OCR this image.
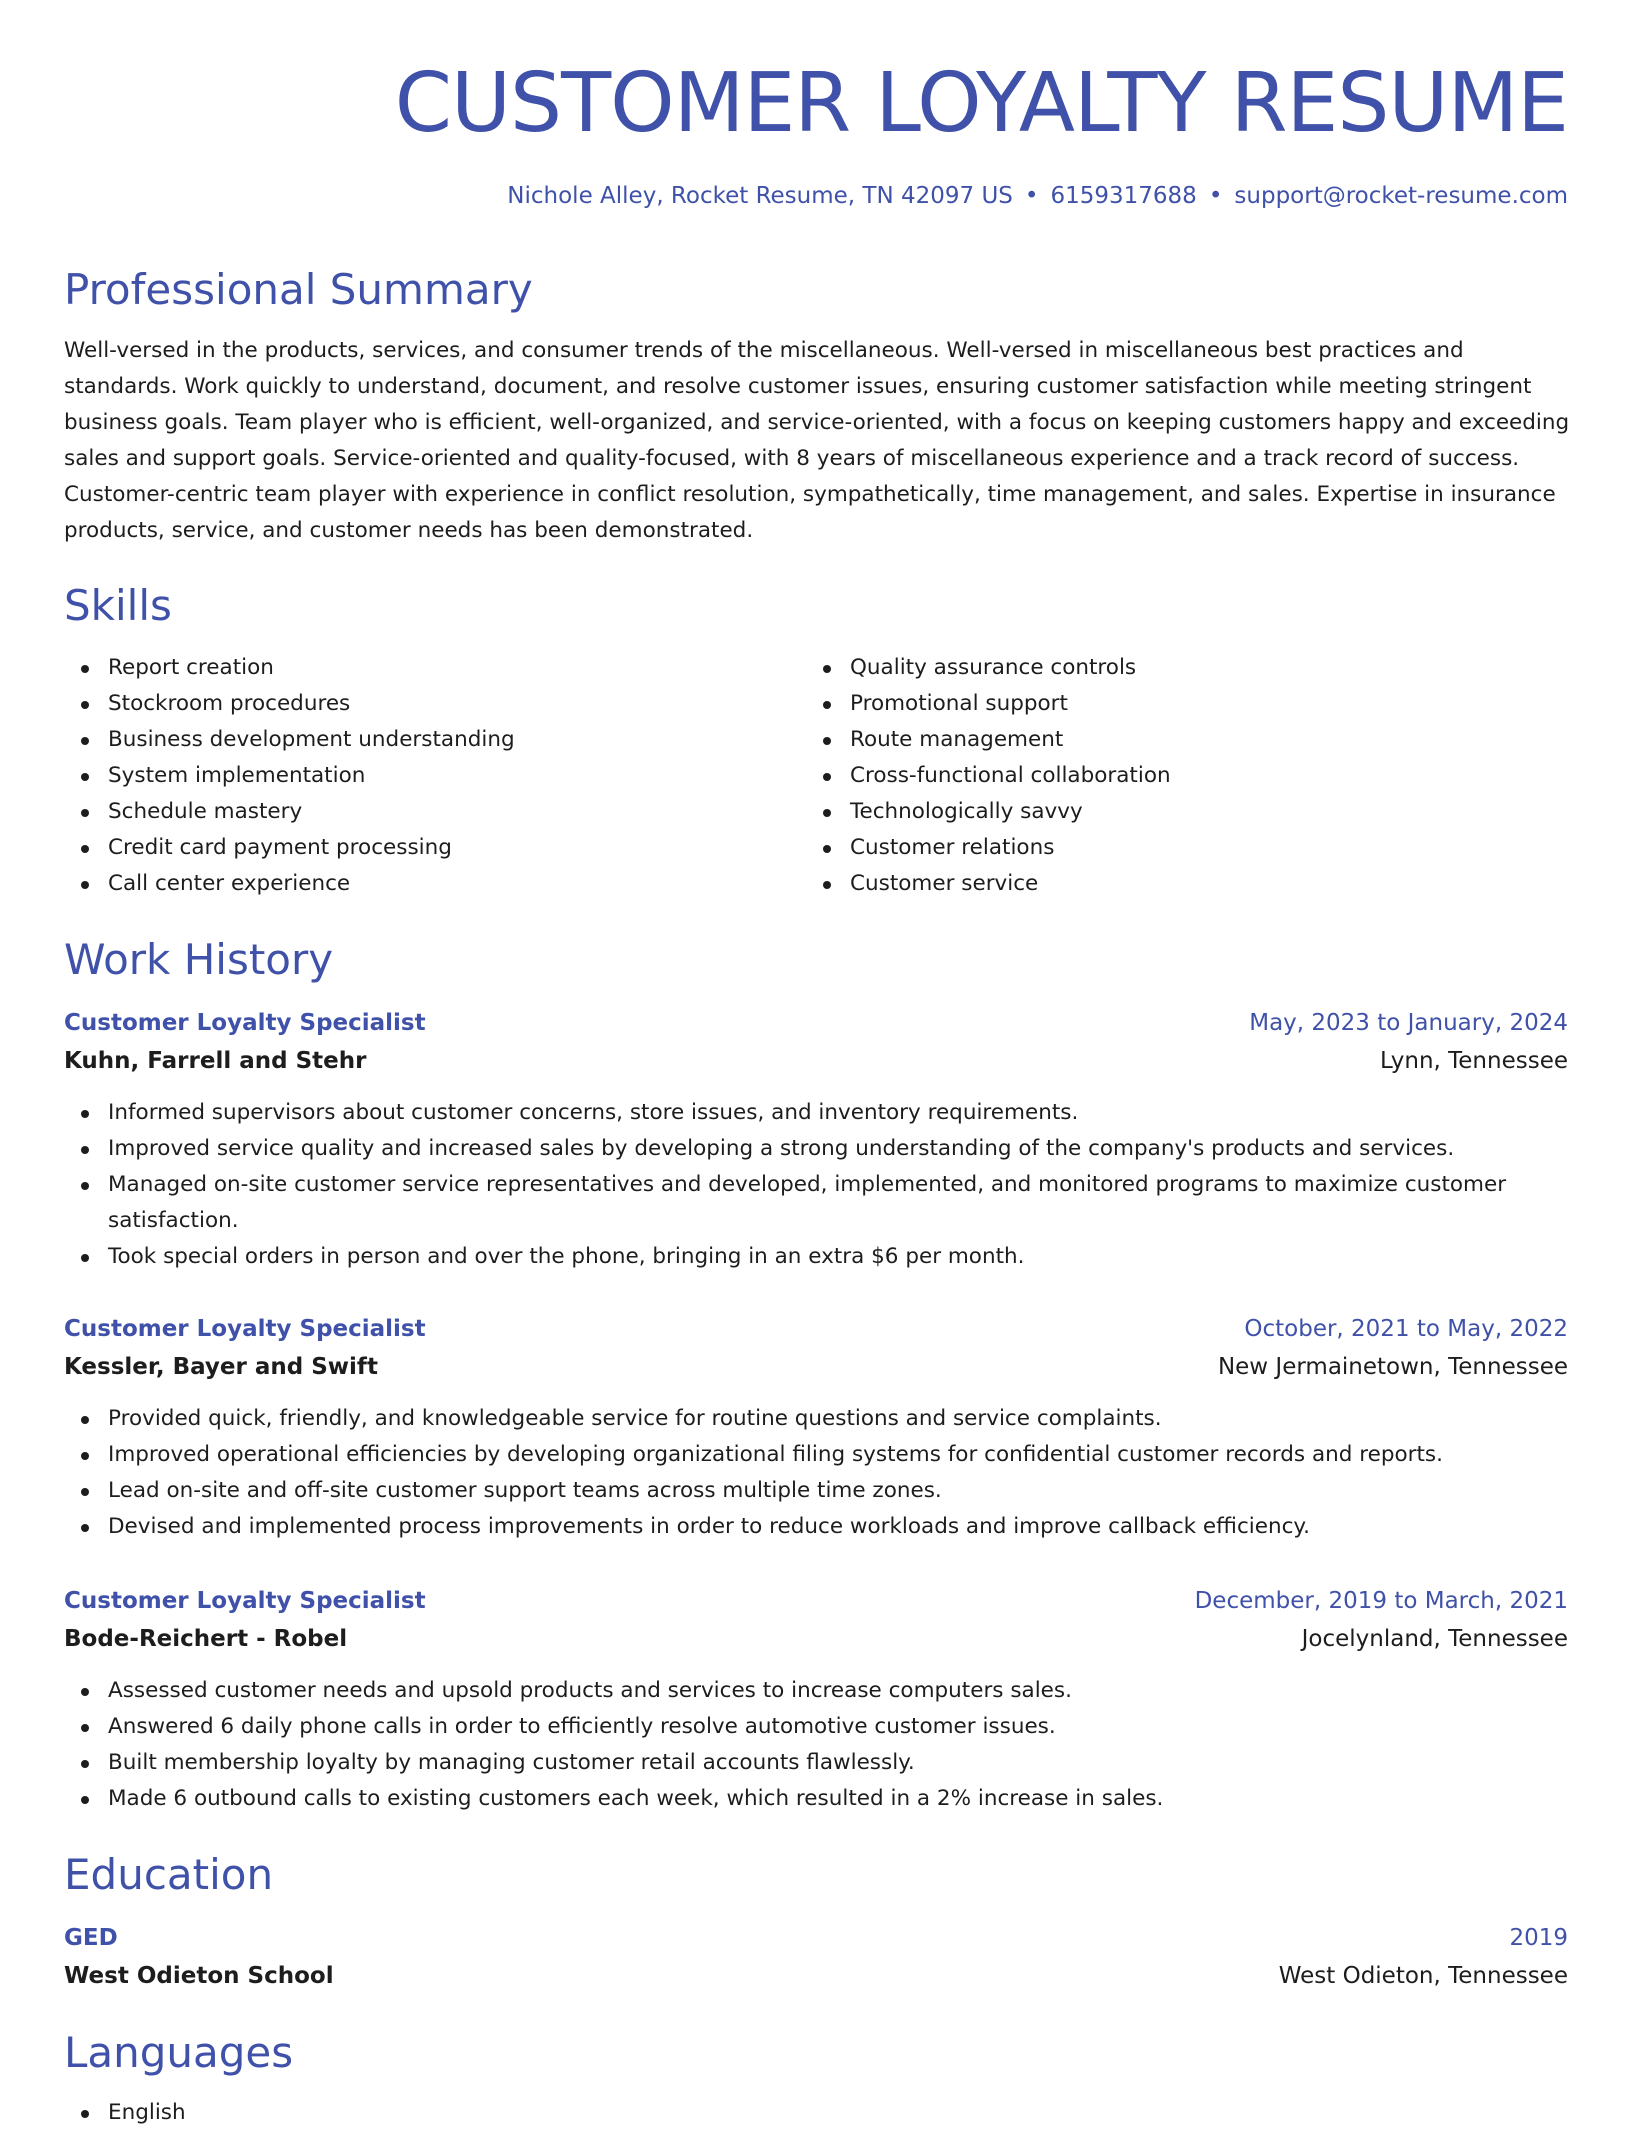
CUSTOMER LOYALTY RESUME

Nichole Alley, Rocket Resume, TN 42097 US • 6159317688 • support@rocket-resume.com

Professional Summary

Well-versed in the products, services, and consumer trends of the miscellaneous. Well-versed in miscellaneous best practices and standards. Work quickly to understand, document, and resolve customer issues, ensuring customer satisfaction while meeting stringent business goals. Team player who is efficient, well-organized, and service-oriented, with a focus on keeping customers happy and exceeding sales and support goals. Service-oriented and quality-focused, with 8 years of miscellaneous experience and a track record of success. Customer-centric team player with experience in conflict resolution, sympathetically, time management, and sales. Expertise in insurance products, service, and customer needs has been demonstrated.

Skills
Report creation
Stockroom procedures
Business development understanding
System implementation
Schedule mastery
Credit card payment processing
Call center experience
Quality assurance controls
Promotional support
Route management
Cross-functional collaboration
Technologically savvy
Customer relations
Customer service
Work History
Customer Loyalty Specialist	May, 2023 to January, 2024
Kuhn, Farrell and Stehr	Lynn, Tennessee
Informed supervisors about customer concerns, store issues, and inventory requirements.
Improved service quality and increased sales by developing a strong understanding of the company's products and services.
Managed on-site customer service representatives and developed, implemented, and monitored programs to maximize customer satisfaction.
Took special orders in person and over the phone, bringing in an extra $6 per month.
Customer Loyalty Specialist	October, 2021 to May, 2022
Kessler, Bayer and Swift	New Jermainetown, Tennessee
Provided quick, friendly, and knowledgeable service for routine questions and service complaints.
Improved operational efficiencies by developing organizational filing systems for confidential customer records and reports.
Lead on-site and off-site customer support teams across multiple time zones.
Devised and implemented process improvements in order to reduce workloads and improve callback efficiency.
Customer Loyalty Specialist	December, 2019 to March, 2021
Bode-Reichert - Robel	Jocelynland, Tennessee
Assessed customer needs and upsold products and services to increase computers sales.
Answered 6 daily phone calls in order to efficiently resolve automotive customer issues.
Built membership loyalty by managing customer retail accounts flawlessly.
Made 6 outbound calls to existing customers each week, which resulted in a 2% increase in sales.
Education
GED	2019
West Odieton School	West Odieton, Tennessee
Languages
English
